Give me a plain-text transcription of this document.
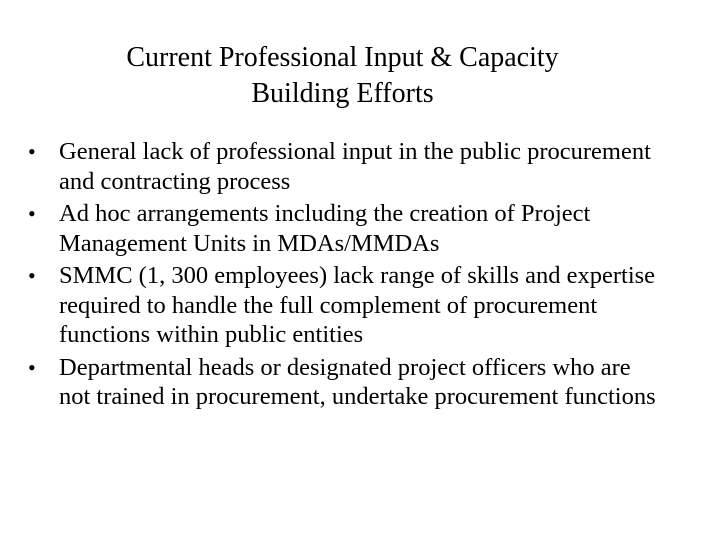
Current Professional Input & Capacity
Building Efforts
• General lack of professional input in the public procurement and contracting process
• Ad hoc arrangements including the creation of Project Management Units in MDAs/MMDAs
• SMMC (1, 300 employees) lack range of skills and expertise required to handle the full complement of procurement functions within public entities
• Departmental heads or designated project officers who are not trained in procurement, undertake procurement functions
